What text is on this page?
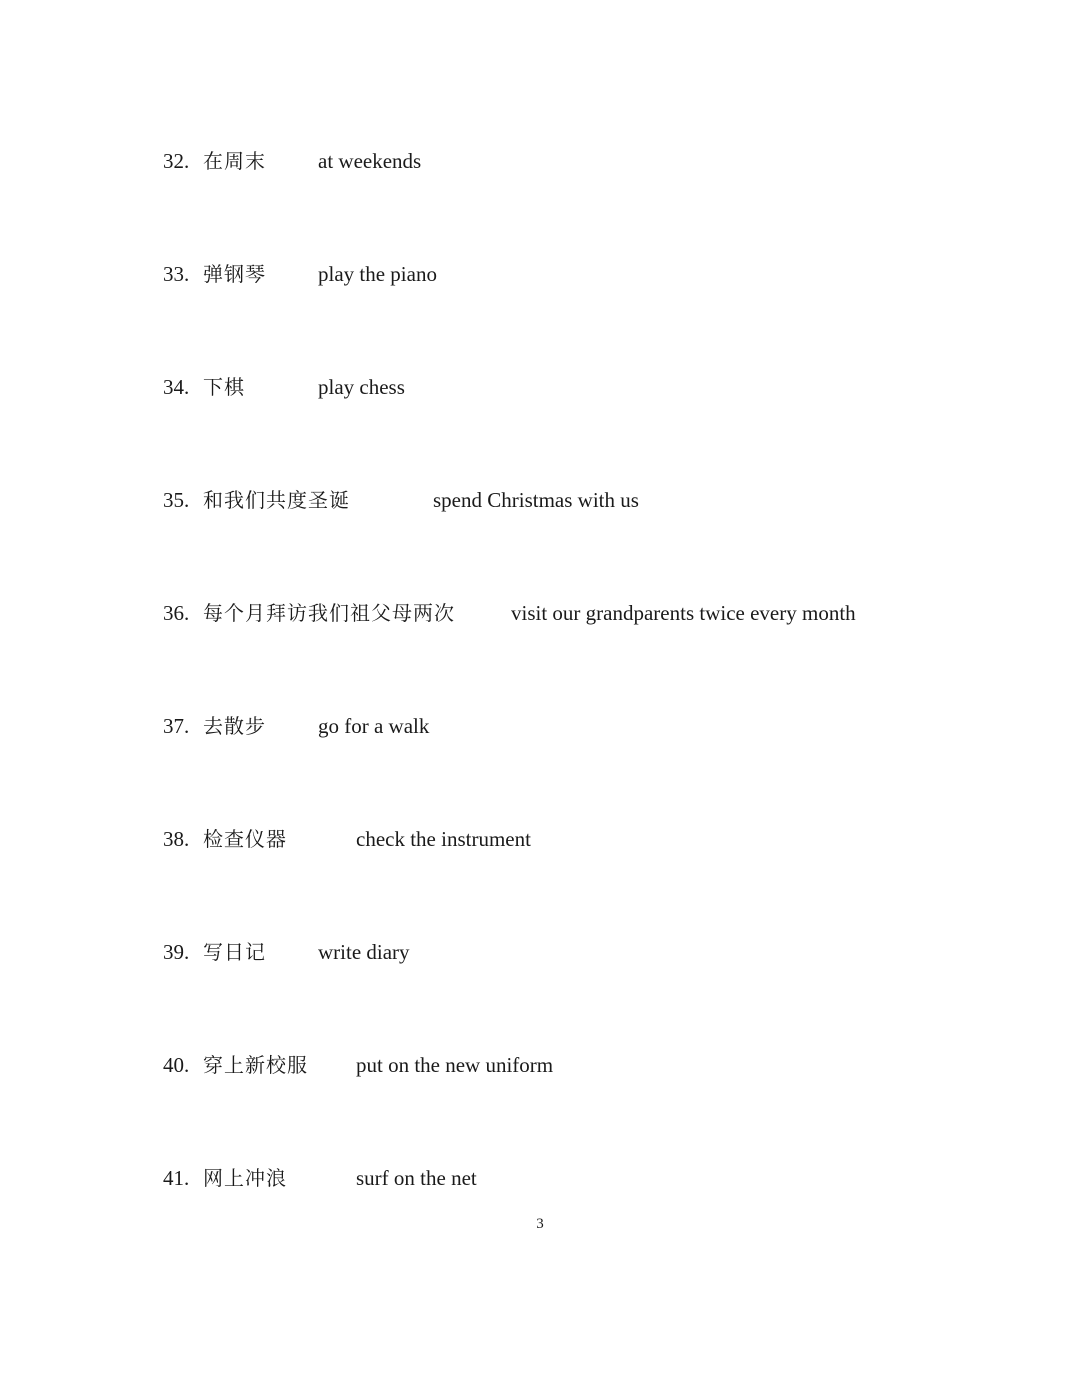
32. 在周末 at weekends
33. 弹钢琴 play the piano
34. 下棋	play chess
35. 和我们共度圣诞	spend Christmas with us
36. 每个月拜访我们祖父母两次	visit our grandparents twice every month
37. 去散步 go for a walk
38. 检查仪器	check the instrument
39. 写日记 write diary
40. 穿上新校服 put on the new uniform
41. 网上冲浪	surf on the net
3
